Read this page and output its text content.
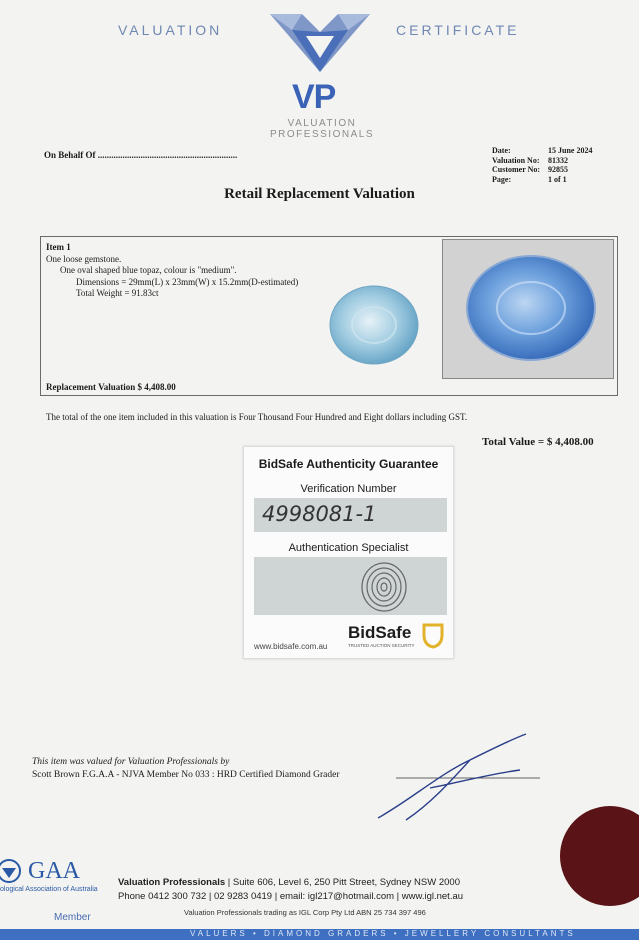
VALUATION	CERTIFICATE
VP
VALUATION
PROFESSIONALS
On Behalf Of ..............................................................	Date:	15 June 2024
Valuation No:	81332
Customer No: 92855
Page:	1 of 1
Retail Replacement Valuation
Item 1
One loose gemstone.
One oval shaped blue topaz, colour is "medium".
Dimensions = 29mm(L) x 23mm(W) x 15.2mm(D-estimated)
Total Weight = 91.83ct
Replacement Valuation $ 4,408.00
The total of the one item included in this valuation is Four Thousand Four Hundred and Eight dollars including GST.
Total Value = $ 4,408.00
BidSafe Authenticity Guarantee
Verification Number
4998081-1
Authentication Specialist
www.bidsafe.com.au
BidSafe
TRUSTED AUCTION SECURITY
This item was valued for Valuation Professionals by
Scott Brown F.G.A.A - NJVA Member No 033 : HRD Certified Diamond Grader
GAA
ological Association of Australia
Member
Valuation Professionals | Suite 606, Level 6, 250 Pitt Street, Sydney NSW 2000
Phone 0412 300 732 | 02 9283 0419 | email: igl217@hotmail.com | www.igl.net.au
Valuation Professionals trading as IGL Corp Pty Ltd ABN 25 734 397 496
VALUERS • DIAMOND GRADERS • JEWELLERY CONSULTANTS
